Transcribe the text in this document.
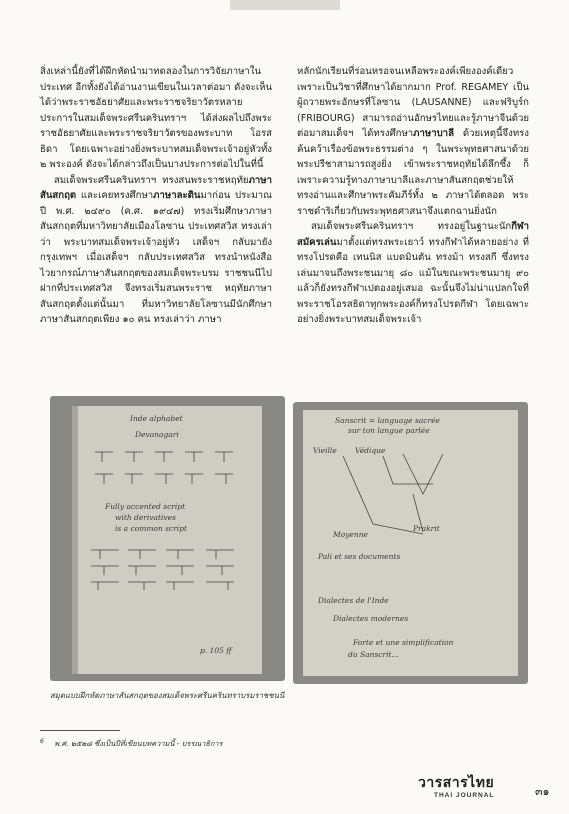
สิ่งเหล่านี้ยังที่ได้ฝึกหัดนำมาทดลองในการวิจัยภาษาในประเทศ อีกทั้งยังได้อ่านงานเขียนในเวลาต่อมา ดังจะเห็นได้ว่าพระราชอัธยาศัยและพระราชจริยาวัตรหลาย ประการในสมเด็จพระศรีนครินทราฯ ได้ส่งผลไปถึงพระราชอัธยาศัยและพระราชจริยาวัตรของพระบาท โอรสธิดา โดยเฉพาะอย่างยิ่งพระบาทสมเด็จพระเจ้าอยู่หัวทั้ง ๒ พระองค์ ดังจะได้กล่าวถึงเป็นบางประการต่อไปในที่นี้

สมเด็จพระศรีนครินทราฯ ทรงสนพระราชหฤทัยภาษาสันสกฤต และเคยทรงศึกษาภาษาละตินมาก่อน ประมาณปี พ.ศ. ๒๔๙๐ (ค.ศ. ๑๙๔๗) ทรงเริ่มศึกษาภาษาสันสกฤตที่มหาวิทยาลัยเมืองโลซาน ประเทศสวิส ทรงเล่าว่า พระบาทสมเด็จพระเจ้าอยู่หัว เสด็จฯ กลับมายังกรุงเทพฯ เมื่อเสด็จฯ กลับประเทศสวิส ทรงนำหนังสือไวยากรณ์ภาษาสันสกฤตของสมเด็จพระบรม ราชชนนีไปฝากที่ประเทศสวิส จึงทรงเริ่มสนพระราช หฤทัยภาษาสันสกฤตตั้งแต่นั้นมา ที่มหาวิทยาลัยโลซานมีนักศึกษาภาษาสันสกฤตเพียง ๑๐ คน ทรงเล่าว่า ภาษา

หลักนักเรียนที่ร่อนหรอจนเหลือพระองค์เพียงองค์เดียว เพราะเป็นวิชาที่ศึกษาได้ยากมาก Prof. REGAMEY เป็นผู้ถวายพระอักษรที่โลซาน (LAUSANNE) และฟริบูร์ก (FRIBOURG) สามารถอ่านอักษรไทยและรู้ภาษาจีนด้วย ต่อมาสมเด็จฯ ได้ทรงศึกษาภาษาบาลี ด้วยเหตุนี้จึงทรงค้นคว้าเรื่องข้อพระธรรมต่าง ๆ ในพระพุทธศาสนาด้วยพระปรีชาสามารถสูงยิ่ง เข้าพระราชหฤทัยได้ลึกซึ้ง ก็เพราะความรู้ทางภาษาบาลีและภาษาสันสกฤตช่วยให้ทรงอ่านและศึกษาพระคัมภีร์ทั้ง ๒ ภาษาได้ตลอด พระราชดำริเกี่ยวกับพระพุทธศาสนาจึงแตกฉานยิ่งนัก

สมเด็จพระศรีนครินทราฯ ทรงอยู่ในฐานะนักกีฬาสมัครเล่นมาตั้งแต่ทรงพระเยาว์ ทรงกีฬาได้หลายอย่าง ที่ทรงโปรดคือ เทนนิส แบดมินตัน ทรงม้า ทรงสกี ซึ่งทรงเล่นมาจนถึงพระชนมายุ ๘๐ แม้ในขณะพระชนมายุ ๙๐ แล้วก็ยังทรงกีฬาเปตองอยู่เสมอ ฉะนั้นจึงไม่น่าแปลกใจที่พระราชโอรสธิดาทุกพระองค์ก็ทรงโปรดกีฬา โดยเฉพาะอย่างยิ่งพระบาทสมเด็จพระเจ้า

Inde alphabet
Devanagari
Fully accented script
with derivatives
is a common script
p. 105 ff
Sanscrit = language sacrée
sur ton langue parlée
Vieille Védique
Moyenne
Prakrit
Pali et ses documents
Dialectes de l'Inde
Dialectes modernes
Forte et une simplification
du Sanscrit...
สมุดแบบฝึกหัดภาษาสันสกฤตของสมเด็จพระศรีนครินทราบรมราชชนนี
$^6$ พ.ศ. ๒๕๒๘ ซึ่งเป็นปีที่เขียนบทความนี้ - บรรณาธิการ
วารสารไทย
THAI JOURNAL	๓๑
